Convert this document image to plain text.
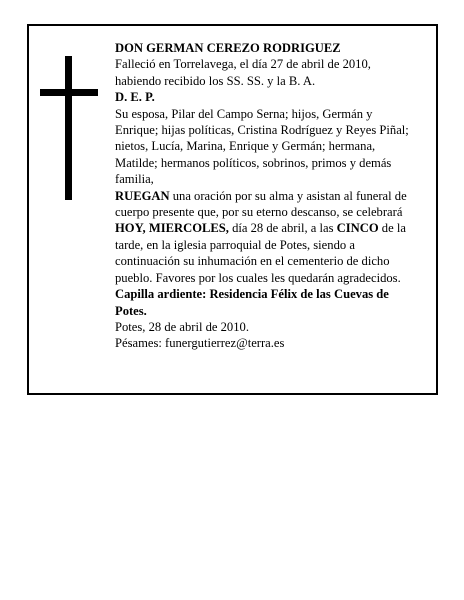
DON GERMAN CEREZO RODRIGUEZ

Falleció en Torrelavega, el día 27 de abril de 2010, habiendo recibido los SS. SS. y la B. A.

D. E. P.

Su esposa, Pilar del Campo Serna; hijos, Germán y Enrique; hijas políticas, Cristina Rodríguez y Reyes Piñal; nietos, Lucía, Marina, Enrique y Germán; hermana, Matilde; hermanos políticos, sobrinos, primos y demás familia,

RUEGAN una oración por su alma y asistan al funeral de cuerpo presente que, por su eterno descanso, se celebrará HOY, MIERCOLES, día 28 de abril, a las CINCO de la tarde, en la iglesia parroquial de Potes, siendo a continuación su inhumación en el cementerio de dicho pueblo. Favores por los cuales les quedarán agradecidos.

Capilla ardiente: Residencia Félix de las Cuevas de Potes.

Potes, 28 de abril de 2010.

Pésames: funergutierrez@terra.es
